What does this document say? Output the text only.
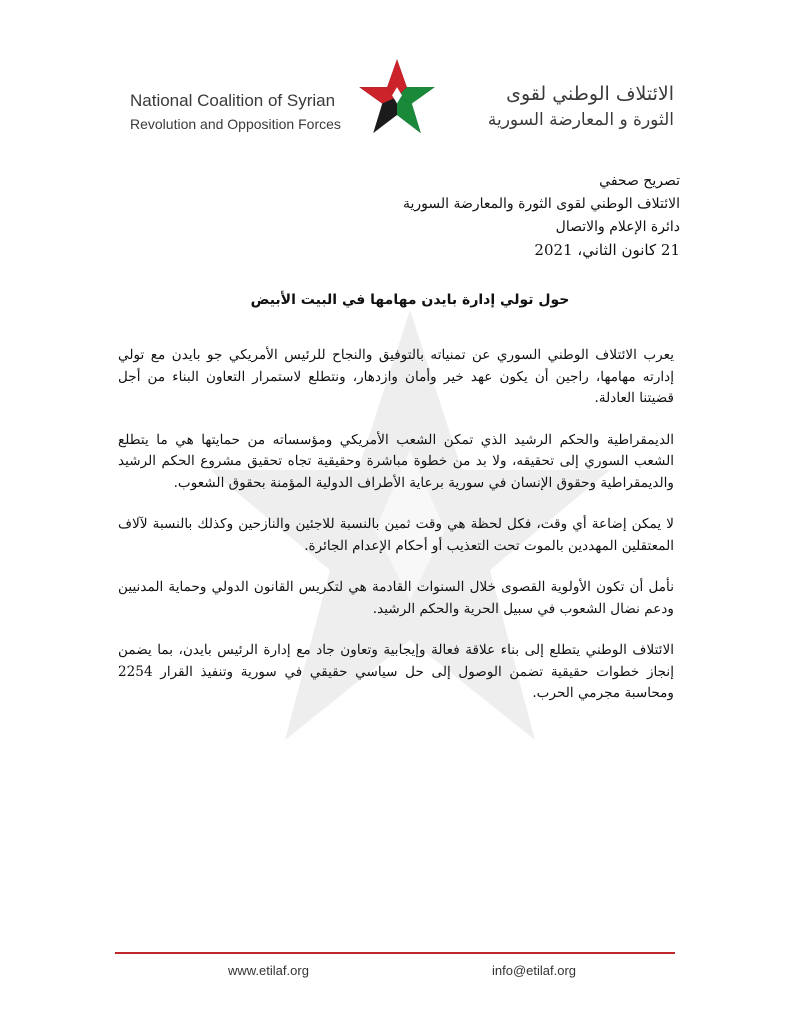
National Coalition of Syrian
Revolution and Opposition Forces
الائتلاف الوطني لقوى
الثورة و المعارضة السورية
تصريح صحفي
الائتلاف الوطني لقوى الثورة والمعارضة السورية
دائرة الإعلام والاتصال
21 كانون الثاني، 2021
حول تولي إدارة بايدن مهامها في البيت الأبيض

يعرب الائتلاف الوطني السوري عن تمنياته بالتوفيق والنجاح للرئيس الأمريكي جو بايدن مع تولي إدارته مهامها، راجين أن يكون عهد خير وأمان وازدهار، ونتطلع لاستمرار التعاون البناء من أجل قضيتنا العادلة.

الديمقراطية والحكم الرشيد الذي تمكن الشعب الأمريكي ومؤسساته من حمايتها هي ما يتطلع الشعب السوري إلى تحقيقه، ولا بد من خطوة مباشرة وحقيقية تجاه تحقيق مشروع الحكم الرشيد والديمقراطية وحقوق الإنسان في سورية برعاية الأطراف الدولية المؤمنة بحقوق الشعوب.

لا يمكن إضاعة أي وقت، فكل لحظة هي وقت ثمين بالنسبة للاجئين والنازحين وكذلك بالنسبة لآلاف المعتقلين المهددين بالموت تحت التعذيب أو أحكام الإعدام الجائرة.

نأمل أن تكون الأولوية القصوى خلال السنوات القادمة هي لتكريس القانون الدولي وحماية المدنيين ودعم نضال الشعوب في سبيل الحرية والحكم الرشيد.

الائتلاف الوطني يتطلع إلى بناء علاقة فعالة وإيجابية وتعاون جاد مع إدارة الرئيس بايدن، بما يضمن إنجاز خطوات حقيقية تضمن الوصول إلى حل سياسي حقيقي في سورية وتنفيذ القرار 2254 ومحاسبة مجرمي الحرب.

www.etilaf.org	info@etilaf.org
